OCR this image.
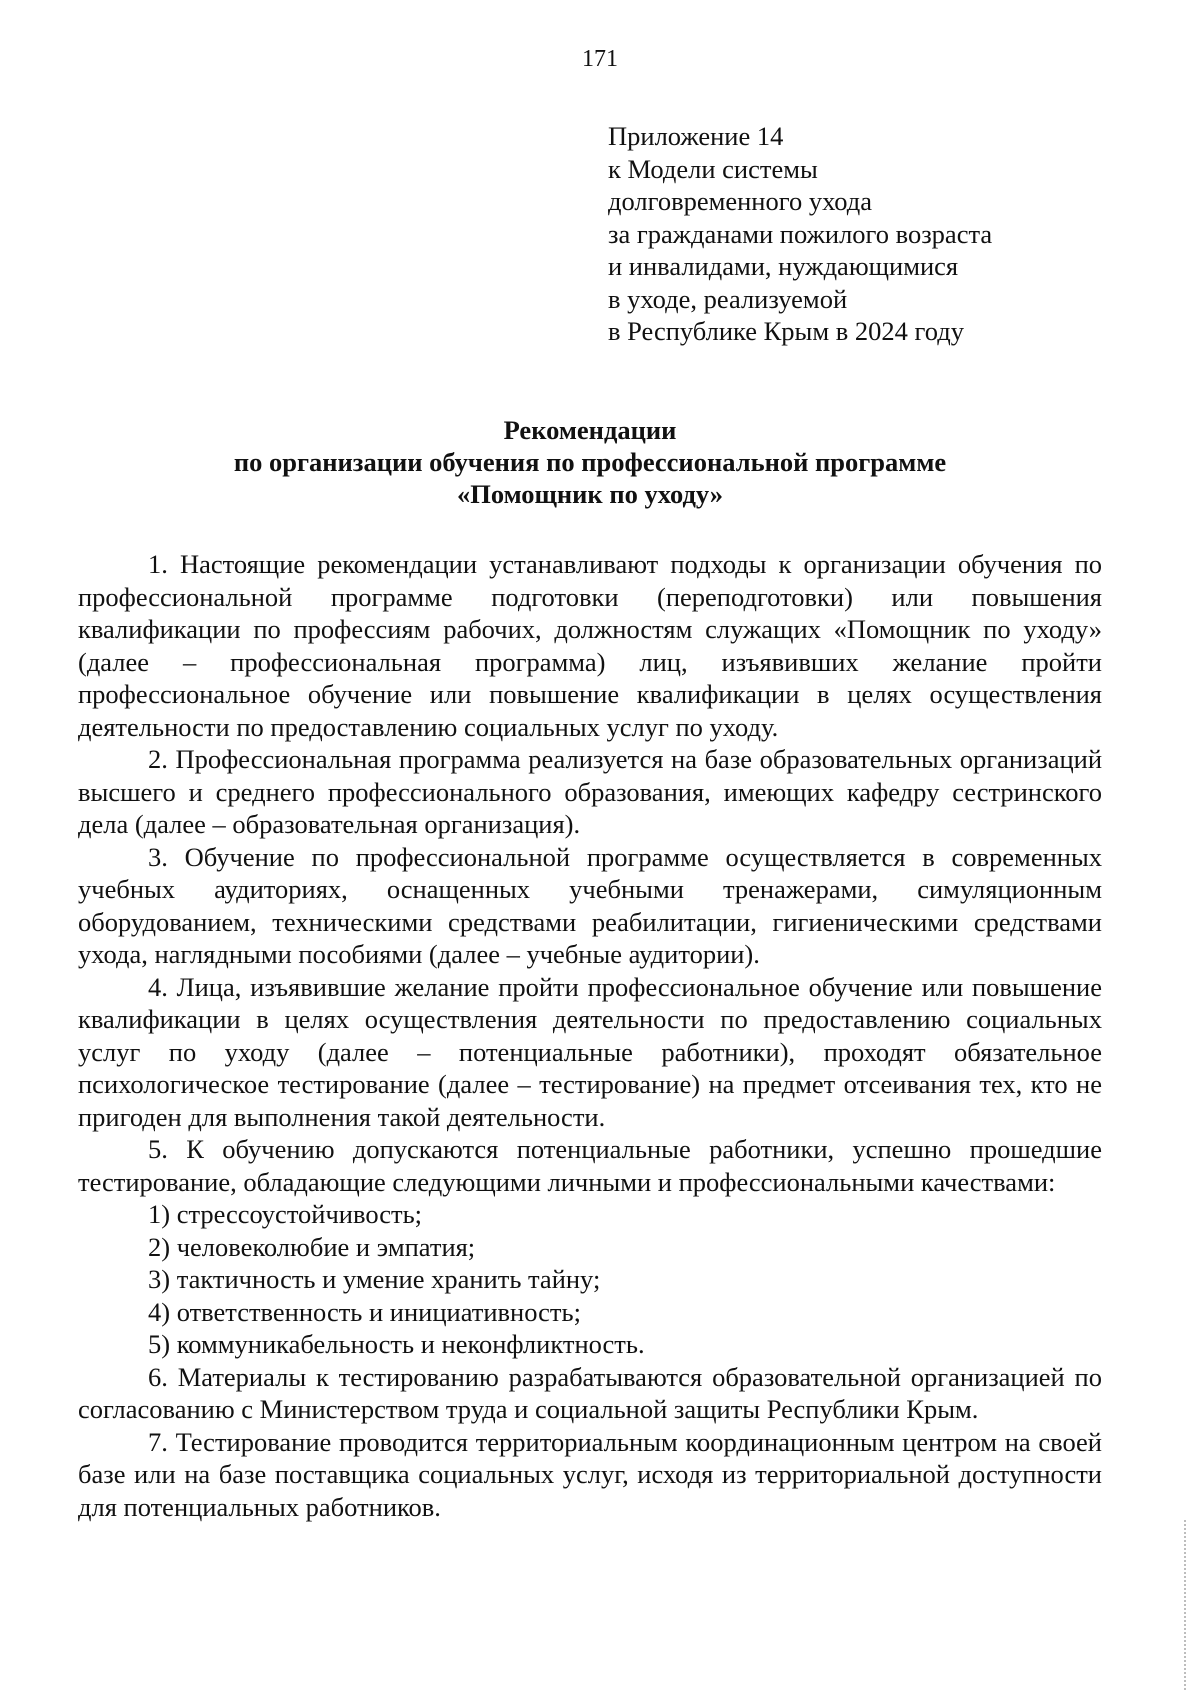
171
Приложение 14
к Модели системы
долговременного ухода
за гражданами пожилого возраста
и инвалидами, нуждающимися
в уходе, реализуемой
в Республике Крым в 2024 году
Рекомендации
по организации обучения по профессиональной программе
«Помощник по уходу»

1. Настоящие рекомендации устанавливают подходы к организации обучения по профессиональной программе подготовки (переподготовки) или повышения квалификации по профессиям рабочих, должностям служащих «Помощник по уходу» (далее – профессиональная программа) лиц, изъявивших желание пройти профессиональное обучение или повышение квалификации в целях осуществления деятельности по предоставлению социальных услуг по уходу.

2. Профессиональная программа реализуется на базе образовательных организаций высшего и среднего профессионального образования, имеющих кафедру сестринского дела (далее – образовательная организация).

3. Обучение по профессиональной программе осуществляется в современных учебных аудиториях, оснащенных учебными тренажерами, симуляционным оборудованием, техническими средствами реабилитации, гигиеническими средствами ухода, наглядными пособиями (далее – учебные аудитории).

4. Лица, изъявившие желание пройти профессиональное обучение или повышение квалификации в целях осуществления деятельности по предоставлению социальных услуг по уходу (далее – потенциальные работники), проходят обязательное психологическое тестирование (далее – тестирование) на предмет отсеивания тех, кто не пригоден для выполнения такой деятельности.

5. К обучению допускаются потенциальные работники, успешно прошедшие тестирование, обладающие следующими личными и профессиональными качествами:

1) стрессоустойчивость;
2) человеколюбие и эмпатия;
3) тактичность и умение хранить тайну;
4) ответственность и инициативность;
5) коммуникабельность и неконфликтность.

6. Материалы к тестированию разрабатываются образовательной организацией по согласованию с Министерством труда и социальной защиты Республики Крым.

7. Тестирование проводится территориальным координационным центром на своей базе или на базе поставщика социальных услуг, исходя из территориальной доступности для потенциальных работников.
